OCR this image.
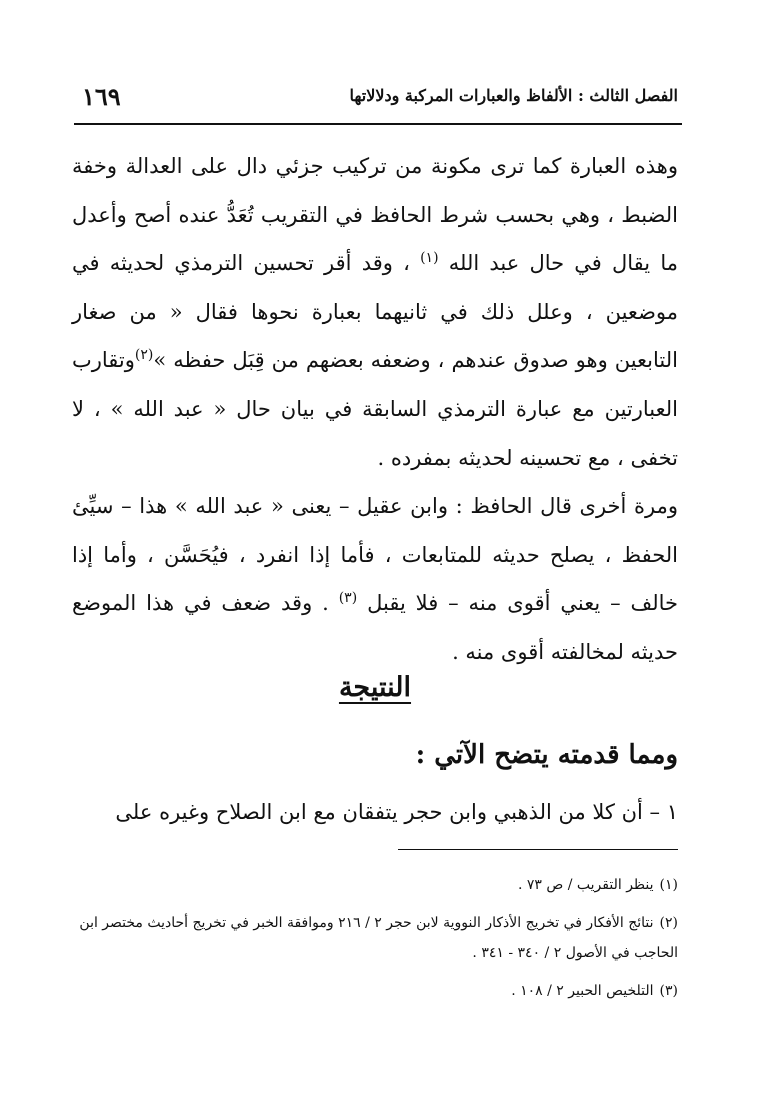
الفصل الثالث : الألفاظ والعبارات المركبة ودلالاتها
١٦٩

وهذه العبارة كما ترى مكونة من تركيب جزئي دال على العدالة وخفة الضبط ، وهي بحسب شرط الحافظ في التقريب تُعَدُّ عنده أصح وأعدل ما يقال في حال عبد الله $^{(١)}$ ، وقد أقر تحسين الترمذي لحديثه في موضعين ، وعلل ذلك في ثانيهما بعبارة نحوها فقال « من صغار التابعين وهو صدوق عندهم ، وضعفه بعضهم من قِبَل حفظه »$^{(٢)}$وتقارب العبارتين مع عبارة الترمذي السابقة في بيان حال « عبد الله » ، لا تخفى ، مع تحسينه لحديثه بمفرده .

ومرة أخرى قال الحافظ : وابن عقيل – يعنى « عبد الله » هذا – سيِّئ الحفظ ، يصلح حديثه للمتابعات ، فأما إذا انفرد ، فيُحَسَّن ، وأما إذا خالف – يعني أقوى منه – فلا يقبل $^{(٣)}$ . وقد ضعف في هذا الموضع حديثه لمخالفته أقوى منه .

النتيجة
ومما قدمته يتضح الآتي :
١ – أن كلا من الذهبي وابن حجر يتفقان مع ابن الصلاح وغيره على

(١)ينظر التقريب / ص ٧٣ .

(٢)نتائج الأفكار في تخريج الأذكار النووية لابن حجر ٢ / ٢١٦ وموافقة الخبر في تخريج أحاديث مختصر ابن الحاجب في الأصول ٢ / ٣٤٠ - ٣٤١ .

(٣)التلخيص الحبير ٢ / ١٠٨ .
